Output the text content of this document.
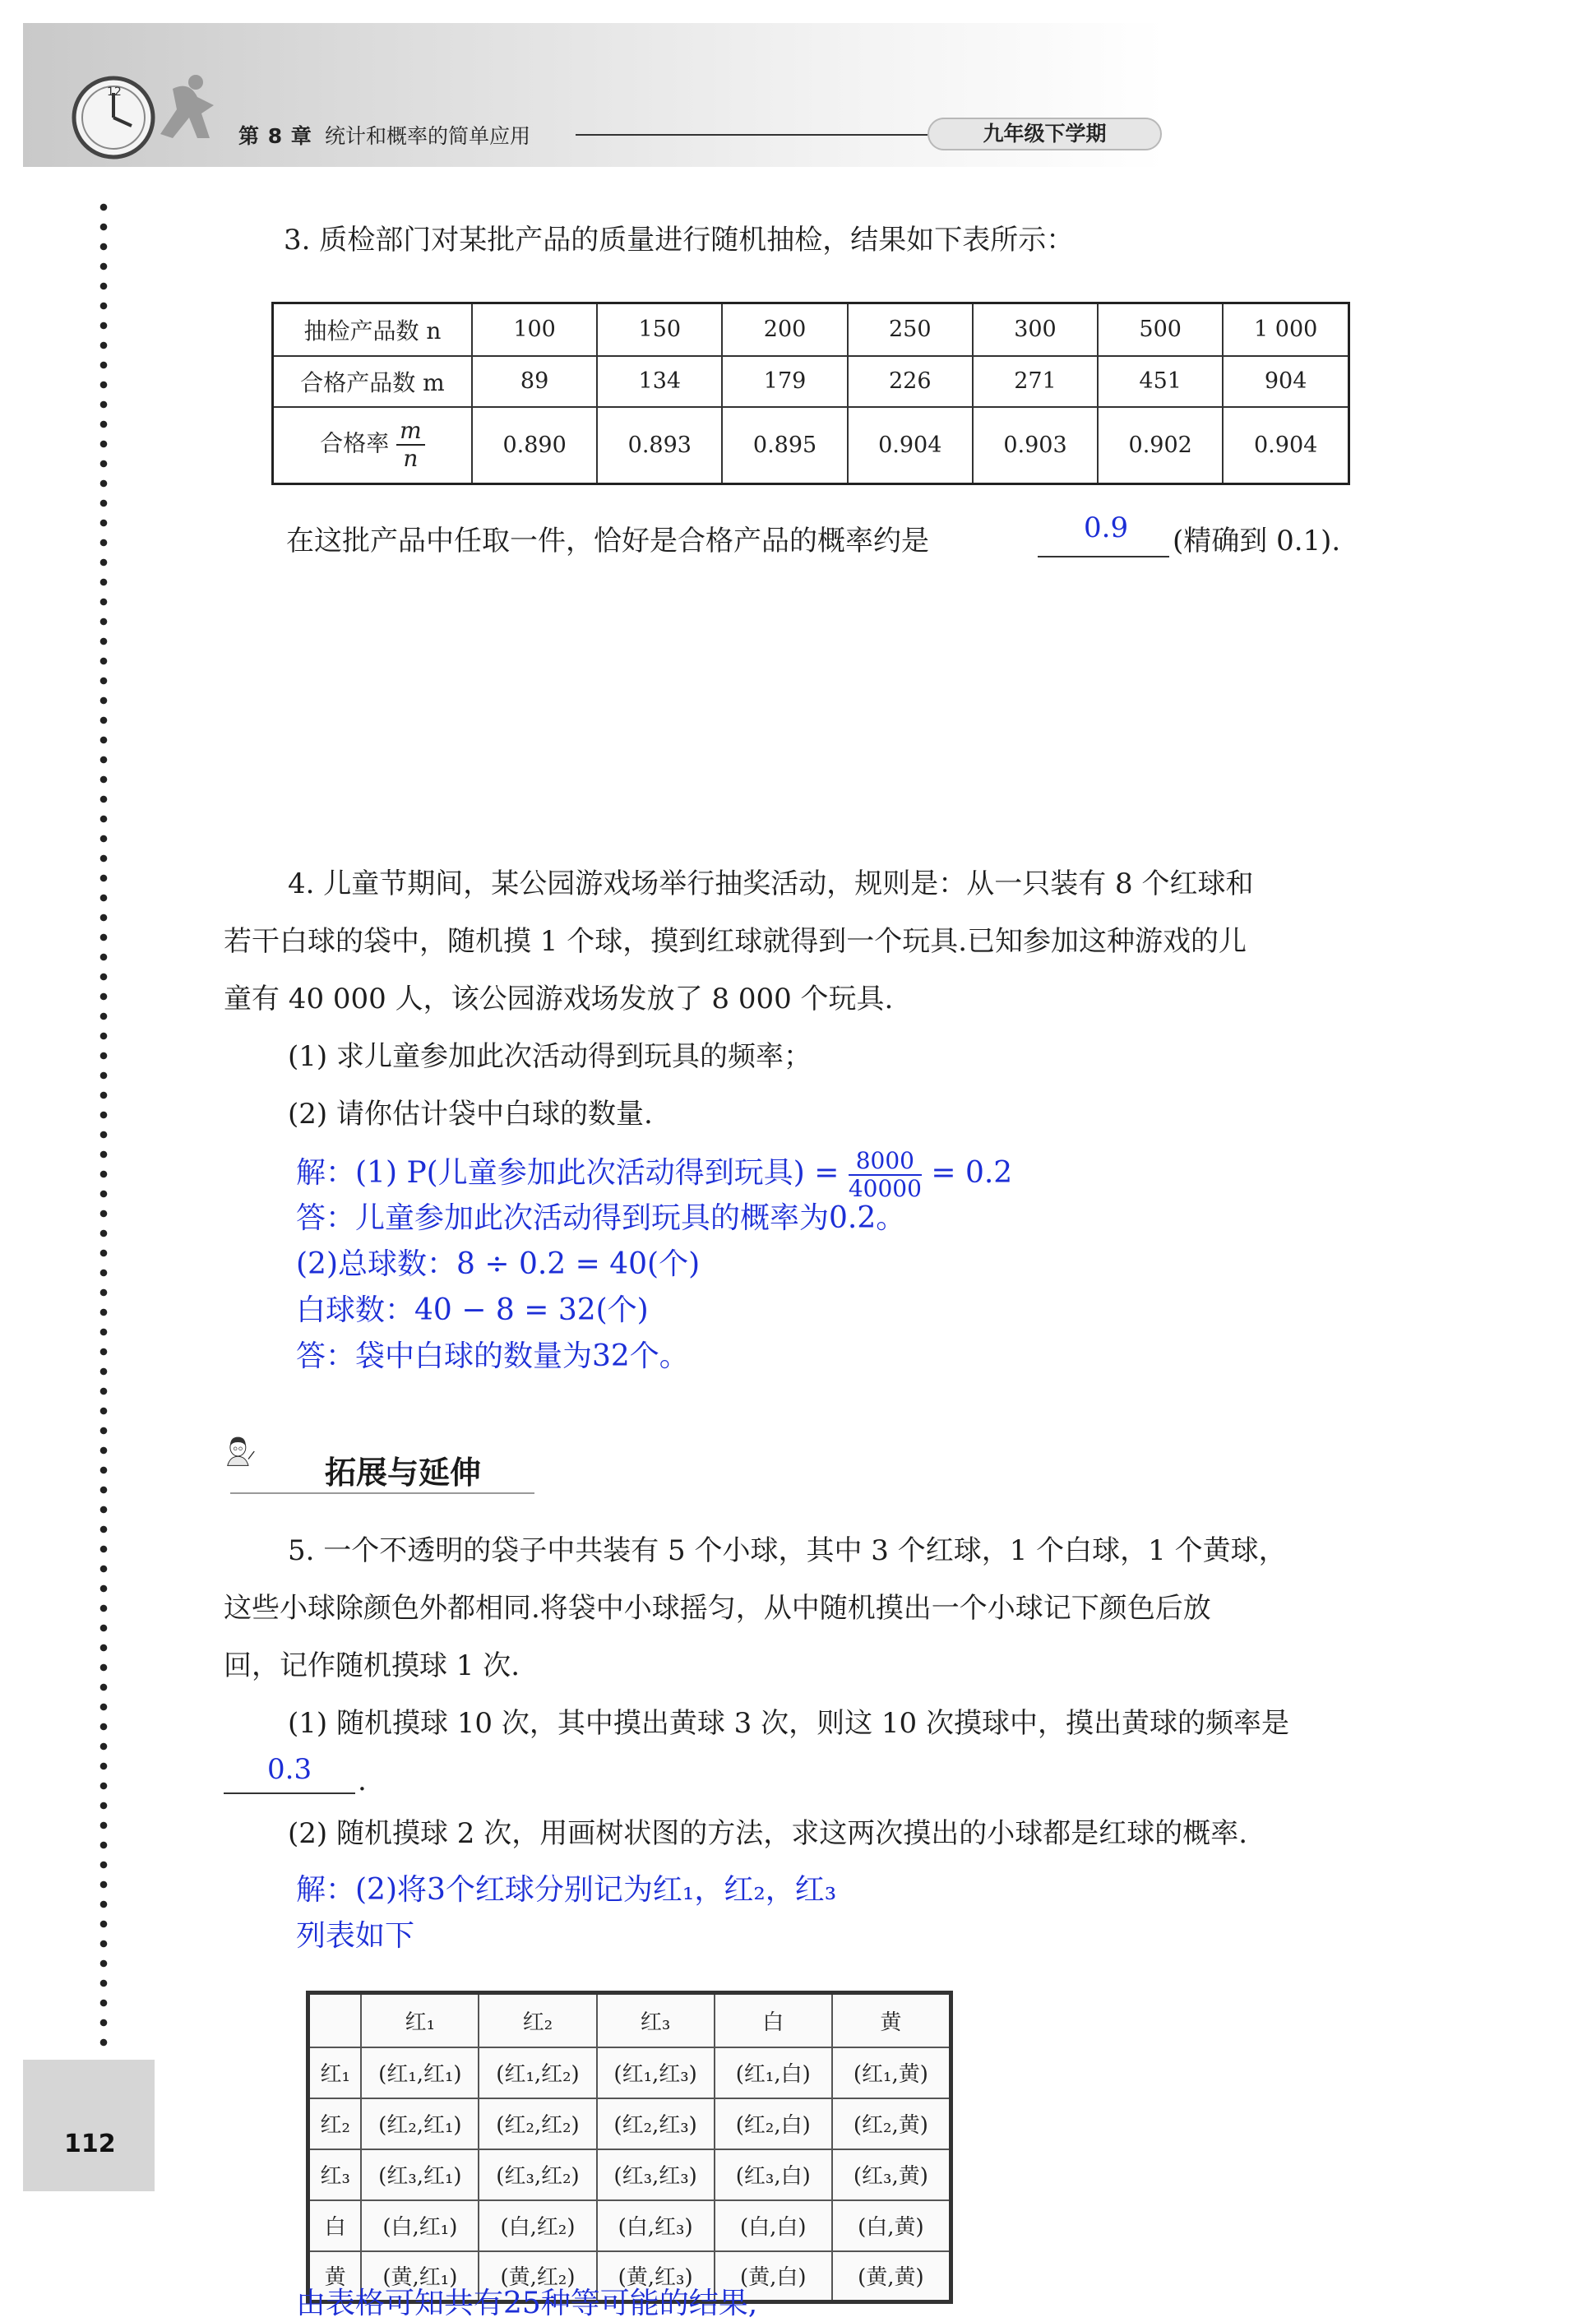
12
第 8 章 统计和概率的简单应用	九年级下学期
112
3. 质检部门对某批产品的质量进行随机抽检，结果如下表所示：
抽检产品数 n	100	150	200	250	300	500	1 000
合格产品数 m	89	134	179	226	271	451	904
合格率 $\frac{m}{n}$	0.890	0.893	0.895	0.904	0.903	0.902	0.904
在这批产品中任取一件，恰好是合格产品的概率约是	0.9 (精确到 0.1).
4. 儿童节期间，某公园游戏场举行抽奖活动，规则是：从一只装有 8 个红球和
若干白球的袋中，随机摸 1 个球，摸到红球就得到一个玩具.已知参加这种游戏的儿
童有 40 000 人，该公园游戏场发放了 8 000 个玩具.
(1) 求儿童参加此次活动得到玩具的频率；
(2) 请你估计袋中白球的数量.
解：(1) P(儿童参加此次活动得到玩具) = $\frac{8000}{40000} = 0.2$
答：儿童参加此次活动得到玩具的概率为0.2。
(2)总球数：8 ÷ 0.2 = 40(个)
白球数：40 − 8 = 32(个)
答：袋中白球的数量为32个。
拓展与延伸
5. 一个不透明的袋子中共装有 5 个小球，其中 3 个红球，1 个白球，1 个黄球，
这些小球除颜色外都相同.将袋中小球摇匀，从中随机摸出一个小球记下颜色后放
回，记作随机摸球 1 次.
(1) 随机摸球 10 次，其中摸出黄球 3 次，则这 10 次摸球中，摸出黄球的频率是
0.3 .
(2) 随机摸球 2 次，用画树状图的方法，求这两次摸出的小球都是红球的概率.
解：(2)将3个红球分别记为红₁，红₂，红₃
列表如下
	红₁	红₂	红₃	白	黄
红₁	(红₁,红₁)	(红₁,红₂)	(红₁,红₃)	(红₁,白)	(红₁,黄)
红₂	(红₂,红₁)	(红₂,红₂)	(红₂,红₃)	(红₂,白)	(红₂,黄)
红₃	(红₃,红₁)	(红₃,红₂)	(红₃,红₃)	(红₃,白)	(红₃,黄)
白	(白,红₁)	(白,红₂)	(白,红₃)	(白,白)	(白,黄)
黄	(黄,红₁)	(黄,红₂)	(黄,红₃)	(黄,白)	(黄,黄)
由表格可知共有25种等可能的结果,
